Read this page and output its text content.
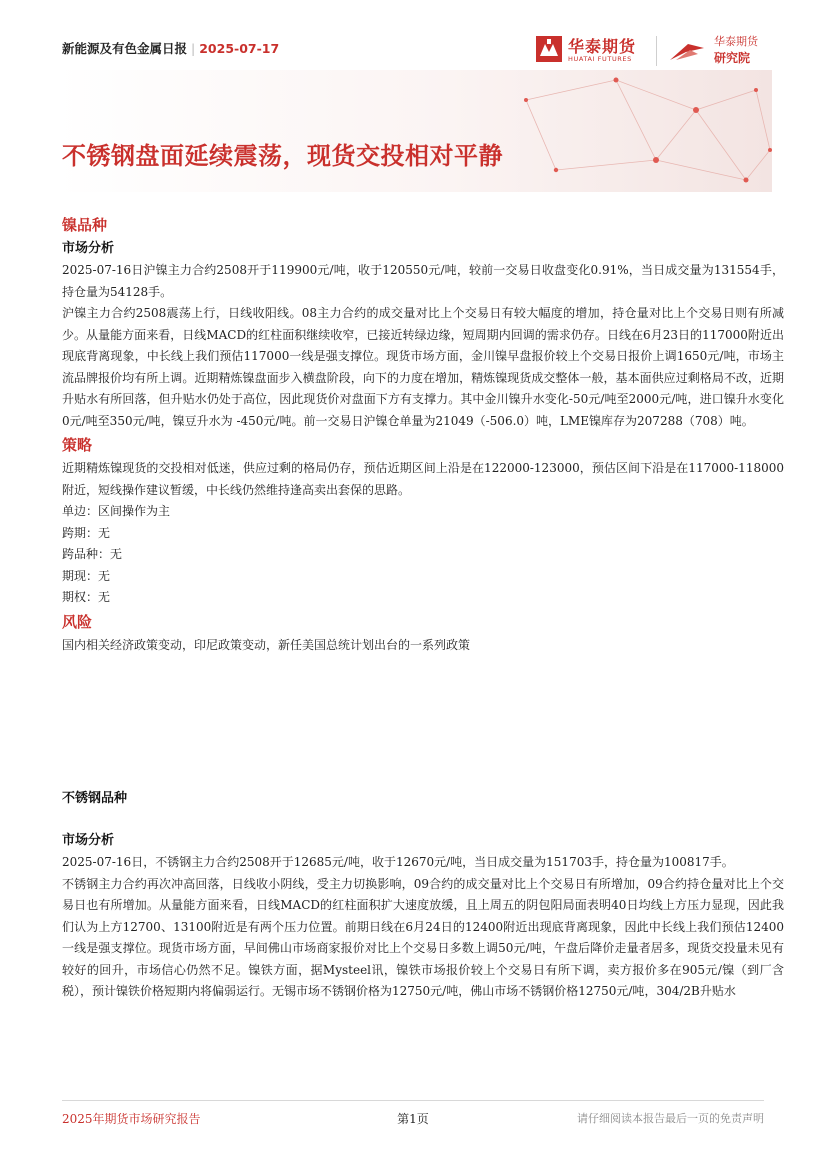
新能源及有色金属日报 | 2025-07-17	华泰期货
HUATAI FUTURES
华泰期货
研究院
不锈钢盘面延续震荡，现货交投相对平静
镍品种
市场分析

2025-07-16日沪镍主力合约2508开于119900元/吨，收于120550元/吨，较前一交易日收盘变化0.91%，当日成交量为131554手，持仓量为54128手。

沪镍主力合约2508震荡上行，日线收阳线。08主力合约的成交量对比上个交易日有较大幅度的增加，持仓量对比上个交易日则有所减少。从量能方面来看，日线MACD的红柱面积继续收窄，已接近转绿边缘，短周期内回调的需求仍存。日线在6月23日的117000附近出现底背离现象，中长线上我们预估117000一线是强支撑位。现货市场方面，金川镍早盘报价较上个交易日报价上调1650元/吨，市场主流品牌报价均有所上调。近期精炼镍盘面步入横盘阶段，向下的力度在增加，精炼镍现货成交整体一般，基本面供应过剩格局不改，近期升贴水有所回落，但升贴水仍处于高位，因此现货价对盘面下方有支撑力。其中金川镍升水变化-50元/吨至2000元/吨，进口镍升水变化0元/吨至350元/吨，镍豆升水为 -450元/吨。前一交易日沪镍仓单量为21049（-506.0）吨，LME镍库存为207288（708）吨。

策略

近期精炼镍现货的交投相对低迷，供应过剩的格局仍存，预估近期区间上沿是在122000-123000，预估区间下沿是在117000-118000附近，短线操作建议暂缓，中长线仍然维持逢高卖出套保的思路。

单边：区间操作为主

跨期：无

跨品种：无

期现：无

期权：无

风险

国内相关经济政策变动，印尼政策变动，新任美国总统计划出台的一系列政策

不锈钢品种
市场分析

2025-07-16日，不锈钢主力合约2508开于12685元/吨，收于12670元/吨，当日成交量为151703手，持仓量为100817手。

不锈钢主力合约再次冲高回落，日线收小阴线，受主力切换影响，09合约的成交量对比上个交易日有所增加，09合约持仓量对比上个交易日也有所增加。从量能方面来看，日线MACD的红柱面积扩大速度放缓，且上周五的阴包阳局面表明40日均线上方压力显现，因此我们认为上方12700、13100附近是有两个压力位置。前期日线在6月24日的12400附近出现底背离现象，因此中长线上我们预估12400一线是强支撑位。现货市场方面，早间佛山市场商家报价对比上个交易日多数上调50元/吨，午盘后降价走量者居多，现货交投量未见有较好的回升，市场信心仍然不足。镍铁方面，据Mysteel讯，镍铁市场报价较上个交易日有所下调，卖方报价多在905元/镍（到厂含税），预计镍铁价格短期内将偏弱运行。无锡市场不锈钢价格为12750元/吨，佛山市场不锈钢价格12750元/吨，304/2B升贴水

2025年期货市场研究报告	第1页	请仔细阅读本报告最后一页的免责声明
